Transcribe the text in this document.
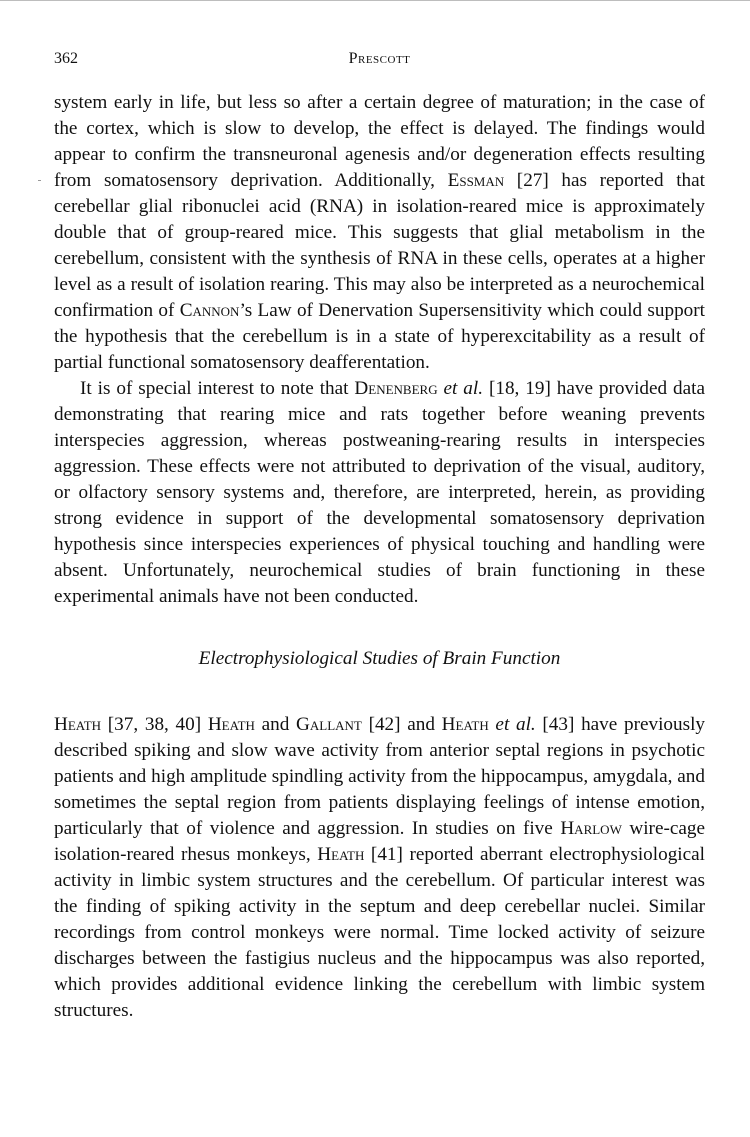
362	Prescott

system early in life, but less so after a certain degree of maturation; in the case of the cortex, which is slow to develop, the effect is delayed. The findings would appear to confirm the transneuronal agenesis and/or degeneration effects resulting from somatosensory deprivation. Additionally, Essman [27] has reported that cerebellar glial ribonuclei acid (RNA) in isolation-reared mice is approximately double that of group-reared mice. This suggests that glial metabolism in the cerebellum, consistent with the synthesis of RNA in these cells, operates at a higher level as a result of isolation rearing. This may also be interpreted as a neurochemical confirmation of Cannon’s Law of Denervation Supersensitivity which could support the hypothesis that the cerebellum is in a state of hyperexcitability as a result of partial functional somatosensory deafferentation.

It is of special interest to note that Denenberg et al. [18, 19] have provided data demonstrating that rearing mice and rats together before weaning prevents interspecies aggression, whereas postweaning-rearing results in interspecies aggression. These effects were not attributed to deprivation of the visual, auditory, or olfactory sensory systems and, therefore, are interpreted, herein, as providing strong evidence in support of the developmental somatosensory deprivation hypothesis since interspecies experiences of physical touching and handling were absent. Unfortunately, neurochemical studies of brain functioning in these experimental animals have not been conducted.

Electrophysiological Studies of Brain Function

Heath [37, 38, 40] Heath and Gallant [42] and Heath et al. [43] have previously described spiking and slow wave activity from anterior septal regions in psychotic patients and high amplitude spindling activity from the hippocampus, amygdala, and sometimes the septal region from patients displaying feelings of intense emotion, particularly that of violence and aggression. In studies on five Harlow wire-cage isolation-reared rhesus monkeys, Heath [41] reported aberrant electrophysiological activity in limbic system structures and the cerebellum. Of particular interest was the finding of spiking activity in the septum and deep cerebellar nuclei. Similar recordings from control monkeys were normal. Time locked activity of seizure discharges between the fastigius nucleus and the hippocampus was also reported, which provides additional evidence linking the cerebellum with limbic system structures.
